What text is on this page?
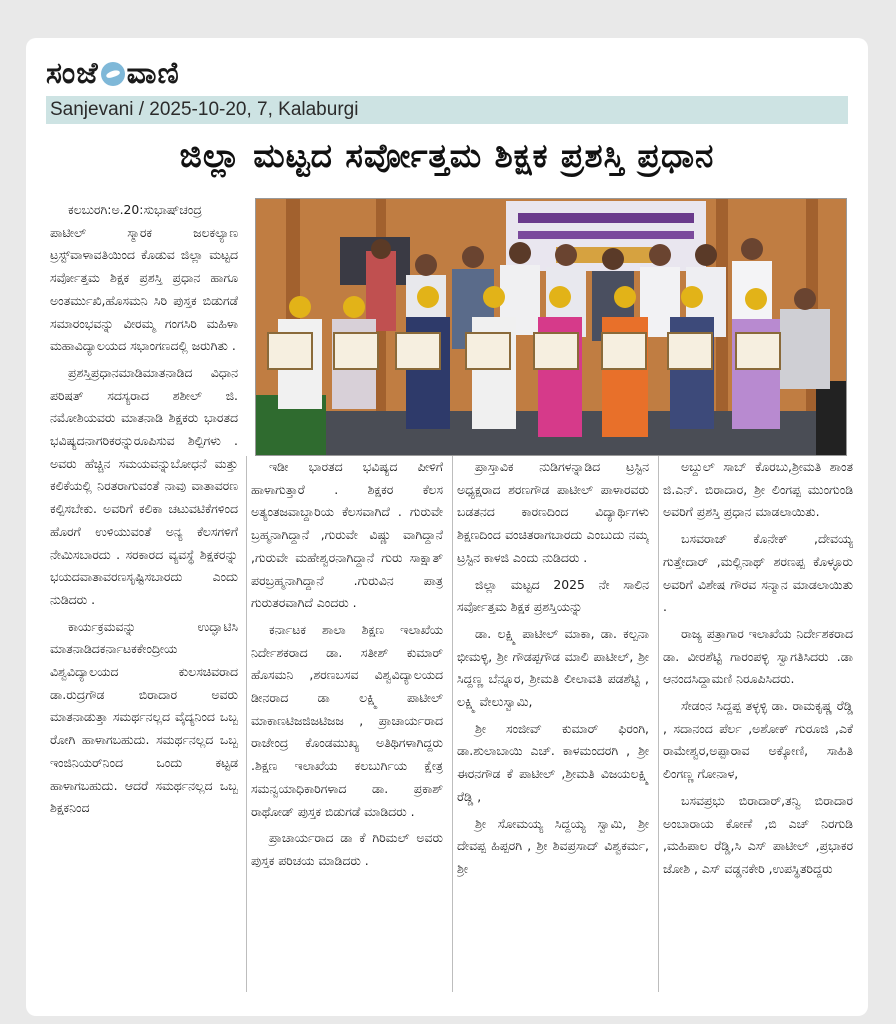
ಸಂಜೆ ವಾಣಿ
Sanjevani / 2025-10-20, 7, Kalaburgi
ಜಿಲ್ಲಾ ಮಟ್ಟದ ಸರ್ವೋತ್ತಮ ಶಿಕ್ಷಕ ಪ್ರಶಸ್ತಿ ಪ್ರಧಾನ

ಕಲಬುರಗಿ:ಅ.20:ಸುಭಾಷ್‌ಚಂದ್ರ ಪಾಟೀಲ್ ಸ್ಮಾರಕ ಜಲಕಲ್ಯಾಣ ಟ್ರಸ್ಟ್‌ವಾಳಾವತಿಯಿಂದ ಕೊಡುವ ಜಿಲ್ಲಾ ಮಟ್ಟದ ಸರ್ವೋತ್ತಮ ಶಿಕ್ಷಕ ಪ್ರಶಸ್ತಿ ಪ್ರಧಾನ ಹಾಗೂ ಅಂತರ್ಮುಖಿ,ಹೊಸಮನಿ ಸಿರಿ ಪುಸ್ತಕ ಬಿಡುಗಡೆ ಸಮಾರಂಭವನ್ನು ವೀರಮ್ಮ ಗಂಗಸಿರಿ ಮಹಿಳಾ ಮಹಾವಿದ್ಯಾಲಯದ ಸಭಾಂಗಣದಲ್ಲಿ ಜರುಗಿತು .

ಪ್ರಶಸ್ತಿಪ್ರಧಾನಮಾಡಿಮಾತನಾಡಿದ ವಿಧಾನ ಪರಿಷತ್ ಸದಸ್ಯರಾದ ಶಶೀಲ್ ಜಿ. ನಮೋಶಿಯವರು ಮಾತನಾಡಿ ಶಿಕ್ಷಕರು ಭಾರತದ ಭವಿಷ್ಯದನಾಗರಿಕರನ್ನುರೂಪಿಸುವ ಶಿಲ್ಪಿಗಳು . ಅವರು ಹೆಚ್ಚಿನ ಸಮಯವನ್ನುಬೋಧನೆ ಮತ್ತು ಕಲಿಕೆಯಲ್ಲಿ ನಿರತರಾಗುವಂತೆ ನಾವು ವಾತಾವರಣ ಕಲ್ಪಿಸಬೇಕು. ಅವರಿಗೆ ಕಲಿಕಾ ಚಟುವಟಿಕೆಗಳಿಂದ ಹೊರಗೆ ಉಳಿಯುವಂತೆ ಅನ್ಯ ಕೆಲಸಗಳಿಗೆ ನೇಮಿಸಬಾರದು . ಸರಕಾರದ ವ್ಯವಸ್ಥೆ ಶಿಕ್ಷಕರನ್ನು ಭಯದವಾತಾವರಣಸೃಷ್ಟಿಸಬಾರದು ಎಂದು ನುಡಿದರು .

ಕಾರ್ಯಕ್ರಮವನ್ನು ಉದ್ಘಾಟಿಸಿ ಮಾತನಾಡಿದಕರ್ನಾಟಕಕೇಂದ್ರೀಯ ವಿಶ್ವವಿದ್ಯಾಲಯದ ಕುಲಸಚಿವರಾದ ಡಾ.ರುದ್ರಗೌಡ ಬಿರಾದಾರ ಅವರು ಮಾತನಾಡುತ್ತಾ ಸಮರ್ಥನಲ್ಲದ ವೈದ್ಯನಿಂದ ಒಬ್ಬ ರೋಗಿ ಹಾಳಾಗಬಹುದು. ಸಮರ್ಥನಲ್ಲದ ಒಬ್ಬ ಇಂಜಿನಿಯರ್‌ನಿಂದ ಒಂದು ಕಟ್ಟಡ ಹಾಳಾಗಬಹುದು. ಆದರೆ ಸಮರ್ಥನಲ್ಲದ ಒಬ್ಬ ಶಿಕ್ಷಕನಿಂದ

ಇಡೀ ಭಾರತದ ಭವಿಷ್ಯದ ಪೀಳಿಗೆ ಹಾಳಾಗುತ್ತಾರೆ . ಶಿಕ್ಷಕರ ಕೆಲಸ ಅತ್ಯಂತಜವಾಬ್ದಾರಿಯ ಕೆಲಸವಾಗಿದೆ . ಗುರುವೇ ಬ್ರಹ್ಮನಾಗಿದ್ದಾನೆ ,ಗುರುವೇ ವಿಷ್ಣು ವಾಗಿದ್ದಾನೆ ,ಗುರುವೇ ಮಹೇಶ್ವರನಾಗಿದ್ದಾನೆ ಗುರು ಸಾಕ್ಷಾತ್ ಪರಬ್ರಹ್ಮನಾಗಿದ್ದಾನೆ .ಗುರುವಿನ ಪಾತ್ರ ಗುರುತರವಾಗಿದೆ ಎಂದರು .

ಕರ್ನಾಟಕ ಶಾಲಾ ಶಿಕ್ಷಣ ಇಲಾಖೆಯ ನಿರ್ದೇಶಕರಾದ ಡಾ. ಸತೀಶ್ ಕುಮಾರ್ ಹೊಸಮನಿ ,ಶರಣಬಸವ ವಿಶ್ವವಿದ್ಯಾಲಯದ ಡೀನರಾದ ಡಾ ಲಕ್ಷ್ಮಿ ಪಾಟೀಲ್ ಮಾಕಾಣಟಿಜಜಿಜಟಿಜಜ , ಪ್ರಾಚಾರ್ಯರಾದ ರಾಜೇಂದ್ರ ಕೊಂಡಮುಖ್ಯ ಅತಿಥಿಗಳಾಗಿದ್ದರು .ಶಿಕ್ಷಣ ಇಲಾಖೆಯ ಕಲಬುರ್ಗಿಯ ಕ್ಷೇತ್ರ ಸಮನ್ವಯಾಧಿಕಾರಿಗಳಾದ ಡಾ. ಪ್ರಕಾಶ್ ರಾಥೋಡ್ ಪುಸ್ತಕ ಬಿಡುಗಡೆ ಮಾಡಿದರು .

ಪ್ರಾಚಾರ್ಯರಾದ ಡಾ ಕೆ ಗಿರಿಮಲ್ ಅವರು ಪುಸ್ತಕ ಪರಿಚಯ ಮಾಡಿದರು .

ಪ್ರಾಸ್ತಾವಿಕ ನುಡಿಗಳನ್ನಾಡಿದ ಟ್ರಸ್ಟಿನ ಅಧ್ಯಕ್ಷರಾದ ಶರಣಗೌಡ ಪಾಟೀಲ್ ಪಾಳಾರವರು ಬಡತನದ ಕಾರಣದಿಂದ ವಿದ್ಯಾರ್ಥಿಗಳು ಶಿಕ್ಷಣದಿಂದ ವಂಚಿತರಾಗಬಾರದು ಎಂಬುದು ನಮ್ಮ ಟ್ರಸ್ಟಿನ ಕಾಳಜಿ ಎಂದು ನುಡಿದರು .

ಜಿಲ್ಲಾ ಮಟ್ಟದ 2025 ನೇ ಸಾಲಿನ ಸರ್ವೋತ್ತಮ ಶಿಕ್ಷಕ ಪ್ರಶಸ್ತಿಯನ್ನು

ಡಾ. ಲಕ್ಷ್ಮಿ ಪಾಟೀಲ್ ಮಾಕಾ, ಡಾ. ಕಲ್ಪನಾ ಭೀಮಳ್ಳಿ, ಶ್ರೀ ಗೌಡಪ್ಪಗೌಡ ಮಾಲಿ ಪಾಟೀಲ್, ಶ್ರೀ ಸಿದ್ದಣ್ಣ ಬೆನ್ನೂರ, ಶ್ರೀಮತಿ ಲೀಲಾವತಿ ಪಡಶೆಟ್ಟಿ , ಲಕ್ಷ್ಮಿ ವೇಲುಸ್ವಾಮಿ,

ಶ್ರೀ ಸಂಜೀವ್ ಕುಮಾರ್ ಫಿರಂಗಿ, ಡಾ.ಶುಲಾಬಾಯಿ ಎಚ್. ಕಾಳಮಂದರಗಿ , ಶ್ರೀ ಈರನಗೌಡ ಕೆ ಪಾಟೀಲ್ ,ಶ್ರೀಮತಿ ವಿಜಯಲಕ್ಷ್ಮಿ ರೆಡ್ಡಿ ,

ಶ್ರೀ ಸೋಮಯ್ಯ ಸಿದ್ದಯ್ಯ ಸ್ವಾಮಿ, ಶ್ರೀ ದೇವಪ್ಪ ಹಿಪ್ಪರಗಿ , ಶ್ರೀ ಶಿವಪ್ರಸಾದ್ ವಿಶ್ವಕರ್ಮ, ಶ್ರೀ

ಅಬ್ದುಲ್ ಸಾಬ್ ಕೊರಬು,ಶ್ರೀಮತಿ ಶಾಂತ ಜಿ.ಎನ್. ಬಿರಾದಾರ, ಶ್ರೀ ಲಿಂಗಪ್ಪ ಮುಂಗುಂಡಿ ಅವರಿಗೆ ಪ್ರಶಸ್ತಿ ಪ್ರಧಾನ ಮಾಡಲಾಯಿತು.

ಬಸವರಾಜ್ ಕೊನೇಕ್ ,ದೇವಯ್ಯ ಗುತ್ತೇದಾರ್ ,ಮಲ್ಲಿನಾಥ್ ಶರಣಪ್ಪ ಕೊಳ್ಳೂರು ಅವರಿಗೆ ವಿಶೇಷ ಗೌರವ ಸನ್ಮಾನ ಮಾಡಲಾಯಿತು .

ರಾಜ್ಯ ಪತ್ರಾಗಾರ ಇಲಾಖೆಯ ನಿರ್ದೇಶಕರಾದ ಡಾ. ವೀರಶೆಟ್ಟಿ ಗಾರಂಪಳ್ಳಿ ಸ್ವಾಗತಿಸಿದರು .ಡಾ ಆನಂದಸಿದ್ದಾಮಣಿ ನಿರೂಪಿಸಿದರು.

ಸೇಡಂನ ಸಿದ್ದಪ್ಪ ತಳ್ಳಳ್ಳಿ ಡಾ. ರಾಮಕೃಷ್ಣ ರೆಡ್ಡಿ , ಸದಾನಂದ ಪೆರ್ಲ ,ಅಶೋಕ್ ಗುರೂಜಿ ,ಎಕೆ ರಾಮೇಶ್ವರ,ಅಪ್ಪಾರಾವ ಅಕ್ಕೋಣಿ, ಸಾಹಿತಿ ಲಿಂಗಣ್ಣ ಗೋನಾಳ,

ಬಸವಪ್ರಭು ಬಿರಾದಾರ್,ತನ್ವಿ ಬಿರಾದಾರ ಅಂಬಾರಾಯ ಕೋಣೆ ,ಬಿ ಎಚ್ ನಿರಗುಡಿ ,ಮಹಿಪಾಲ ರೆಡ್ಡಿ,ಸಿ ಎಸ್ ಪಾಟೀಲ್ ,ಪ್ರಭಾಕರ ಜೋಶಿ , ಎಸ್ ವಡ್ಡನಕೇರಿ ,ಉಪಸ್ಥಿತರಿದ್ದರು
